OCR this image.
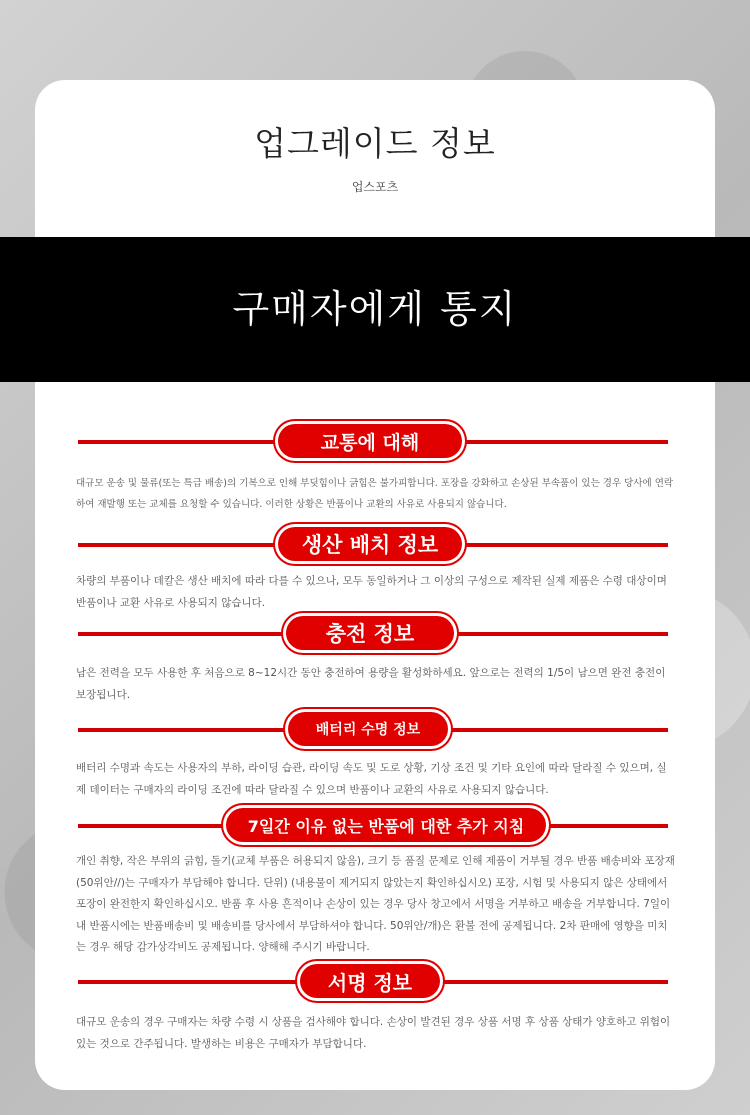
업그레이드 정보
업스포츠
구매자에게 통지
교통에 대해
대규모 운송 및 물류(또는 특급 배송)의 기복으로 인해 부딪힘이나 긁힘은 불가피합니다. 포장을 강화하고 손상된 부속품이 있는 경우 당사에 연락하여 재발행 또는 교체를 요청할 수 있습니다. 이러한 상황은 반품이나 교환의 사유로 사용되지 않습니다.
생산 배치 정보
차량의 부품이나 데칼은 생산 배치에 따라 다를 수 있으나, 모두 동일하거나 그 이상의 구성으로 제작된 실제 제품은 수령 대상이며 반품이나 교환 사유로 사용되지 않습니다.
충전 정보
남은 전력을 모두 사용한 후 처음으로 8~12시간 동안 충전하여 용량을 활성화하세요. 앞으로는 전력의 1/5이 남으면 완전 충전이 보장됩니다.
배터리 수명 정보
배터리 수명과 속도는 사용자의 부하, 라이딩 습관, 라이딩 속도 및 도로 상황, 기상 조건 및 기타 요인에 따라 달라질 수 있으며, 실제 데이터는 구매자의 라이딩 조건에 따라 달라질 수 있으며 반품이나 교환의 사유로 사용되지 않습니다.
7일간 이유 없는 반품에 대한 추가 지침
개인 취향, 작은 부위의 긁힘, 돌기(교체 부품은 허용되지 않음), 크기 등 품질 문제로 인해 제품이 거부될 경우 반품 배송비와 포장재(50위안//)는 구매자가 부담해야 합니다. 단위) (내용물이 제거되지 않았는지 확인하십시오) 포장, 시험 및 사용되지 않은 상태에서 포장이 완전한지 확인하십시오. 반품 후 사용 흔적이나 손상이 있는 경우 당사 창고에서 서명을 거부하고 배송을 거부합니다. 7일이내 반품시에는 반품배송비 및 배송비를 당사에서 부담하셔야 합니다. 50위안/개)은 환불 전에 공제됩니다. 2차 판매에 영향을 미치는 경우 해당 감가상각비도 공제됩니다. 양해해 주시기 바랍니다.
서명 정보
대규모 운송의 경우 구매자는 차량 수령 시 상품을 검사해야 합니다. 손상이 발견된 경우 상품 서명 후 상품 상태가 양호하고 위험이 있는 것으로 간주됩니다. 발생하는 비용은 구매자가 부담합니다.
